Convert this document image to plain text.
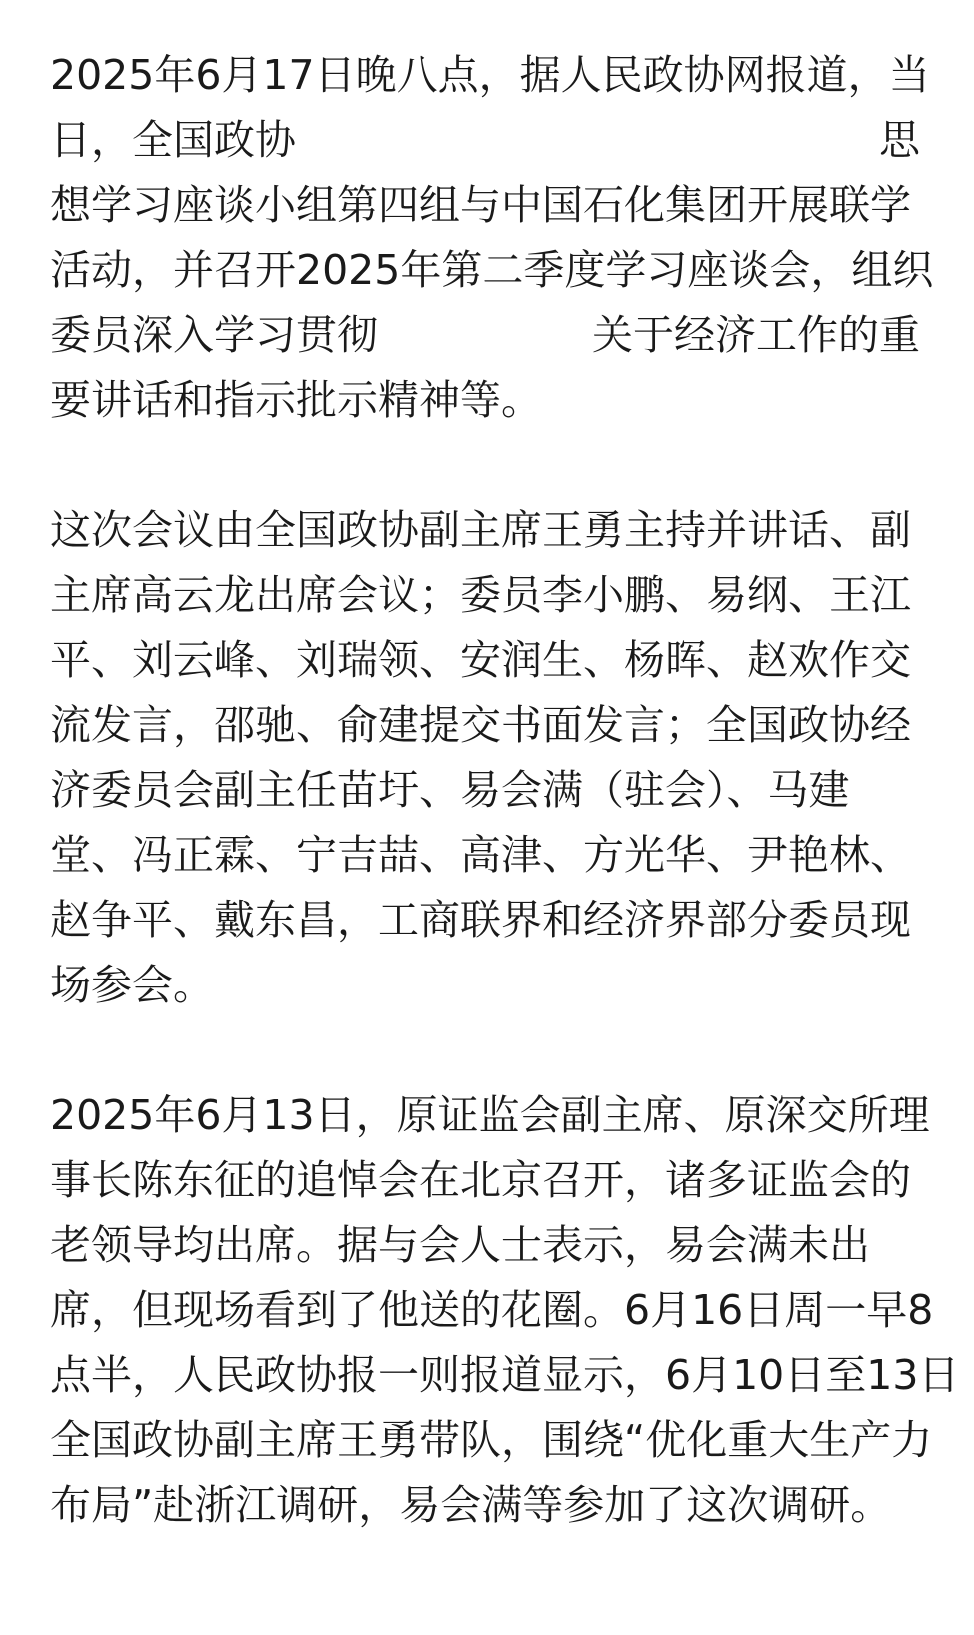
2025年6月17日晚八点，据人民政协网报道，当
日，全国政协	思
想学习座谈小组第四组与中国石化集团开展联学
活动，并召开2025年第二季度学习座谈会，组织
委员深入学习贯彻	关于经济工作的重
要讲话和指示批示精神等。
这次会议由全国政协副主席王勇主持并讲话、副
主席高云龙出席会议；委员李小鹏、易纲、王江
平、刘云峰、刘瑞领、安润生、杨晖、赵欢作交
流发言，邵驰、俞建提交书面发言；全国政协经
济委员会副主任苗圩、易会满（驻会）、马建
堂、冯正霖、宁吉喆、高津、方光华、尹艳林、
赵争平、戴东昌，工商联界和经济界部分委员现
场参会。
2025年6月13日，原证监会副主席、原深交所理
事长陈东征的追悼会在北京召开，诸多证监会的
老领导均出席。据与会人士表示，易会满未出
席，但现场看到了他送的花圈。6月16日周一早8
点半，人民政协报一则报道显示，6月10日至13日
全国政协副主席王勇带队，围绕“优化重大生产力
布局”赴浙江调研，易会满等参加了这次调研。
